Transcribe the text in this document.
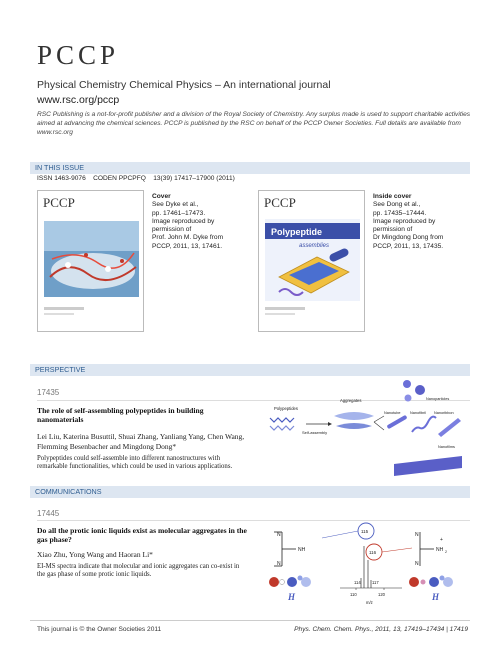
PCCP
Physical Chemistry Chemical Physics – An international journal
www.rsc.org/pccp
RSC Publishing is a not-for-profit publisher and a division of the Royal Society of Chemistry. Any surplus made is used to support charitable activities aimed at advancing the chemical sciences. PCCP is published by the RSC on behalf of the PCCP Owner Societies. Full details are available from www.rsc.org
IN THIS ISSUE
ISSN 1463-9076 CODEN PPCPFQ 13(39) 17417–17900 (2011)
PCCP	Cover
See Dyke et al.,
pp. 17461–17473.
Image reproduced by
permission of
Prof. John M. Dyke from
PCCP, 2011, 13, 17461.
PCCP
Polypeptide
assemblies
Inside cover
See Dong et al.,
pp. 17435–17444.
Image reproduced by
permission of
Dr Mingdong Dong from
PCCP, 2011, 13, 17435.
PERSPECTIVE
17435
The role of self-assembling polypeptides in building nanomaterials
Lei Liu, Katerina Busuttil, Shuai Zhang, Yanliang Yang, Chen Wang, Flemming Besenbacher and Mingdong Dong*
Polypeptides could self-assemble into different nanostructures with remarkable functionalities, which could be used in various applications.
Polypeptides
Self-assembly
Aggregates	Nanoparticles
Nanotube	Nanofibril Nanoribbon
Nanofilms
COMMUNICATIONS
17445
Do all the protic ionic liquids exist as molecular aggregates in the gas phase?
Xiao Zhu, Yong Wang and Haoran Li*
EI-MS spectra indicate that molecular and ionic aggregates can co-exist in the gas phase of some protic ionic liquids.
N
N
NH
N
N
NH 2
+
115
116
114	117
110	120
m/z
H	H
This journal is © the Owner Societies 2011	Phys. Chem. Chem. Phys., 2011, 13, 17419–17434 | 17419
